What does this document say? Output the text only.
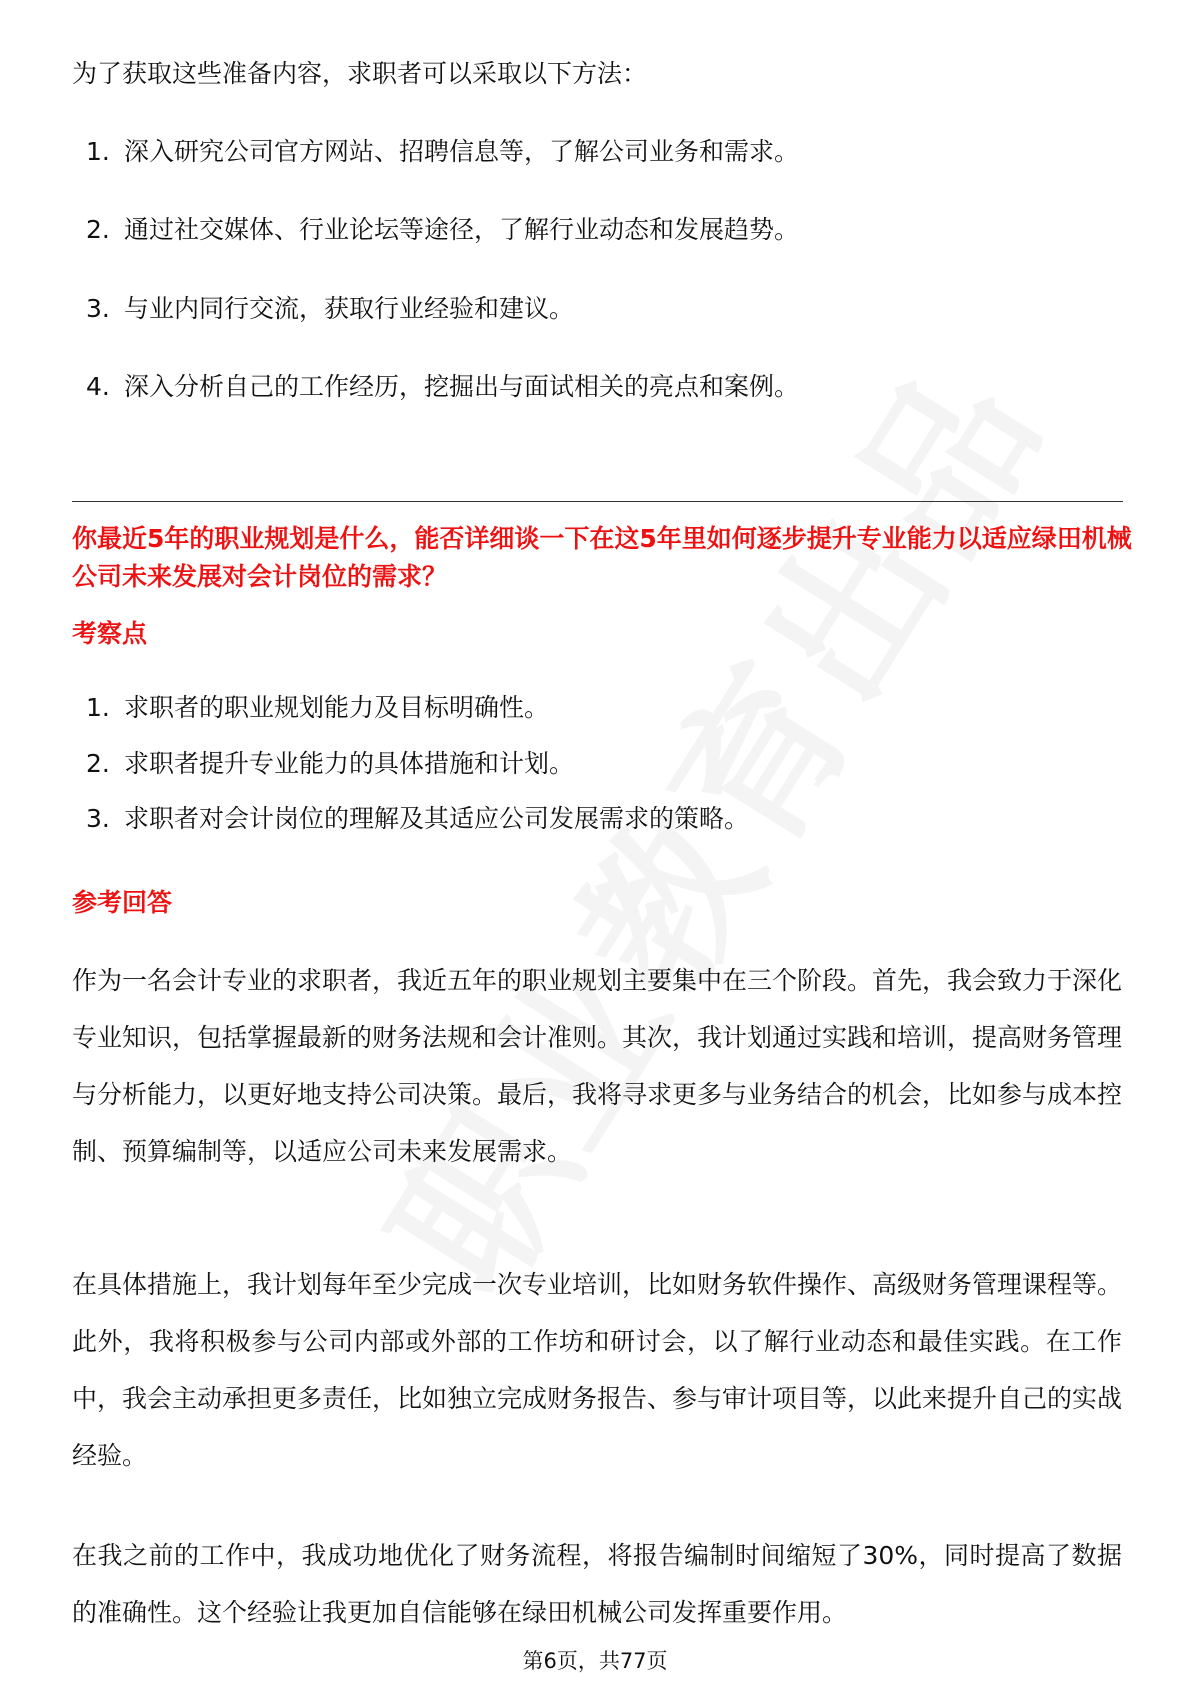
为了获取这些准备内容，求职者可以采取以下方法：
1. 深入研究公司官方网站、招聘信息等，了解公司业务和需求。
2. 通过社交媒体、行业论坛等途径，了解行业动态和发展趋势。
3. 与业内同行交流，获取行业经验和建议。
4. 深入分析自己的工作经历，挖掘出与面试相关的亮点和案例。
你最近5年的职业规划是什么，能否详细谈一下在这5年里如何逐步提升专业能力以适应绿田机械公司未来发展对会计岗位的需求？
考察点
1. 求职者的职业规划能力及目标明确性。
2. 求职者提升专业能力的具体措施和计划。
3. 求职者对会计岗位的理解及其适应公司发展需求的策略。
参考回答
作为一名会计专业的求职者，我近五年的职业规划主要集中在三个阶段。首先，我会致力于深化专业知识，包括掌握最新的财务法规和会计准则。其次，我计划通过实践和培训，提高财务管理与分析能力，以更好地支持公司决策。最后，我将寻求更多与业务结合的机会，比如参与成本控制、预算编制等，以适应公司未来发展需求。
在具体措施上，我计划每年至少完成一次专业培训，比如财务软件操作、高级财务管理课程等。此外，我将积极参与公司内部或外部的工作坊和研讨会，以了解行业动态和最佳实践。在工作中，我会主动承担更多责任，比如独立完成财务报告、参与审计项目等，以此来提升自己的实战经验。
在我之前的工作中，我成功地优化了财务流程，将报告编制时间缩短了30%，同时提高了数据的准确性。这个经验让我更加自信能够在绿田机械公司发挥重要作用。
第6页，共77页
